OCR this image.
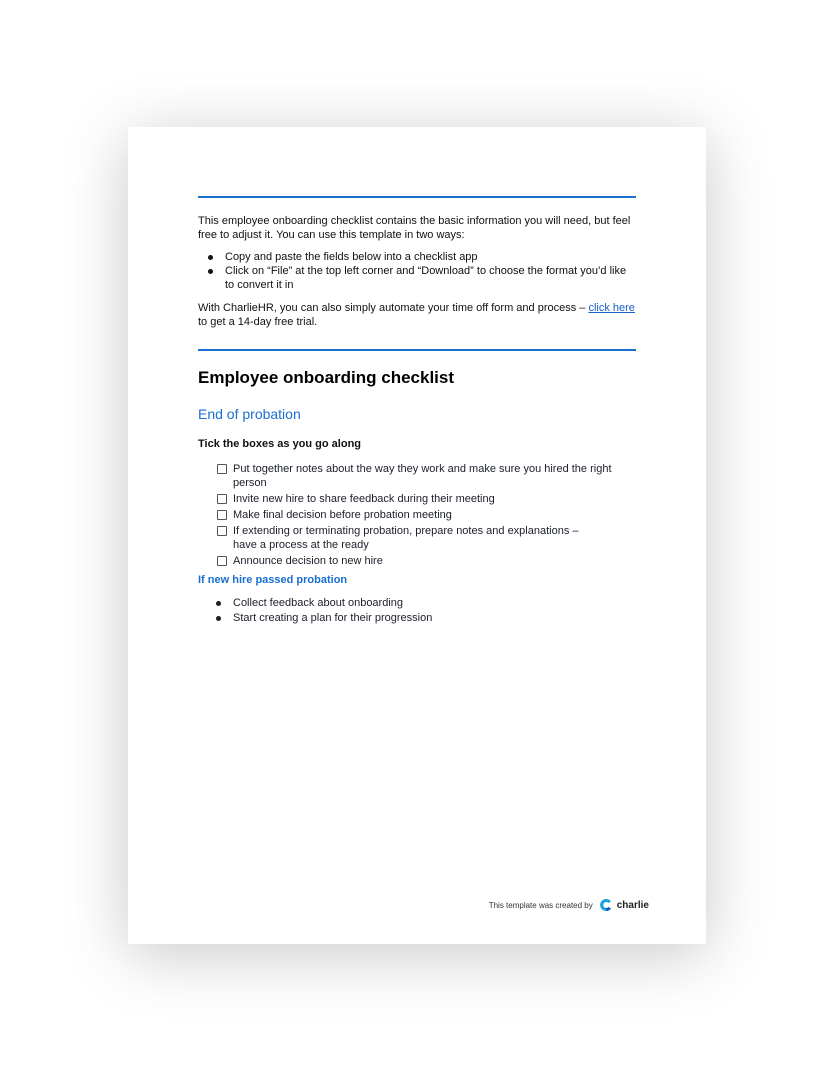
This employee onboarding checklist contains the basic information you will need, but feel free to adjust it. You can use this template in two ways:
Copy and paste the fields below into a checklist app
Click on “File” at the top left corner and “Download” to choose the format you’d like to convert it in
With CharlieHR, you can also simply automate your time off form and process – click here to get a 14-day free trial.
Employee onboarding checklist
End of probation
Tick the boxes as you go along
Put together notes about the way they work and make sure you hired the right person
Invite new hire to share feedback during their meeting
Make final decision before probation meeting
If extending or terminating probation, prepare notes and explanations – have a process at the ready
Announce decision to new hire
If new hire passed probation
Collect feedback about onboarding
Start creating a plan for their progression
This template was created by charlie
